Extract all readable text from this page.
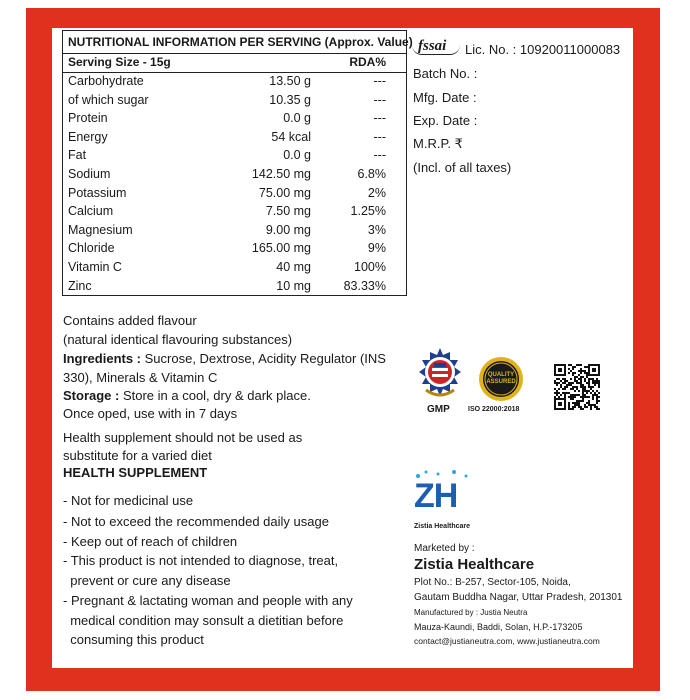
NUTRITIONAL INFORMATION PER SERVING (Approx. Value)
Serving Size - 15g	RDA%
Carbohydrate	13.50 g	---
of which sugar	10.35 g	---
Protein	0.0 g	---
Energy	54 kcal	---
Fat	0.0 g	---
Sodium	142.50 mg	6.8%
Potassium	75.00 mg	2%
Calcium	7.50 mg	1.25%
Magnesium	9.00 mg	3%
Chloride	165.00 mg	9%
Vitamin C	40 mg	100%
Zinc	10 mg	83.33%
Contains added flavour
(natural identical flavouring substances)
Ingredients : Sucrose, Dextrose, Acidity Regulator (INS
330), Minerals & Vitamin C
Storage : Store in a cool, dry & dark place.
Once oped, use with in 7 days
Health supplement should not be used as
substitute for a varied diet
HEALTH SUPPLEMENT
- Not for medicinal use
- Not to exceed the recommended daily usage
- Keep out of reach of children
- This product is not intended to diagnose, treat,
prevent or cure any disease
- Pregnant & lactating woman and people with any
medical condition may sonsult a dietitian before
consuming this product
fssai Lic. No. : 10920011000083
Batch No. :
Mfg. Date :
Exp. Date :
M.R.P. ₹
(Incl. of all taxes)
GMP
QUALITY
ASSURED
ISO 22000:2018
ZH
Zistia Healthcare
Marketed by :
Zistia Healthcare
Plot No.: B-257, Sector-105, Noida,
Gautam Buddha Nagar, Uttar Pradesh, 201301
Manufactured by : Justia Neutra
Mauza-Kaundi, Baddi, Solan, H.P.-173205
contact@justianeutra.com, www.justianeutra.com
